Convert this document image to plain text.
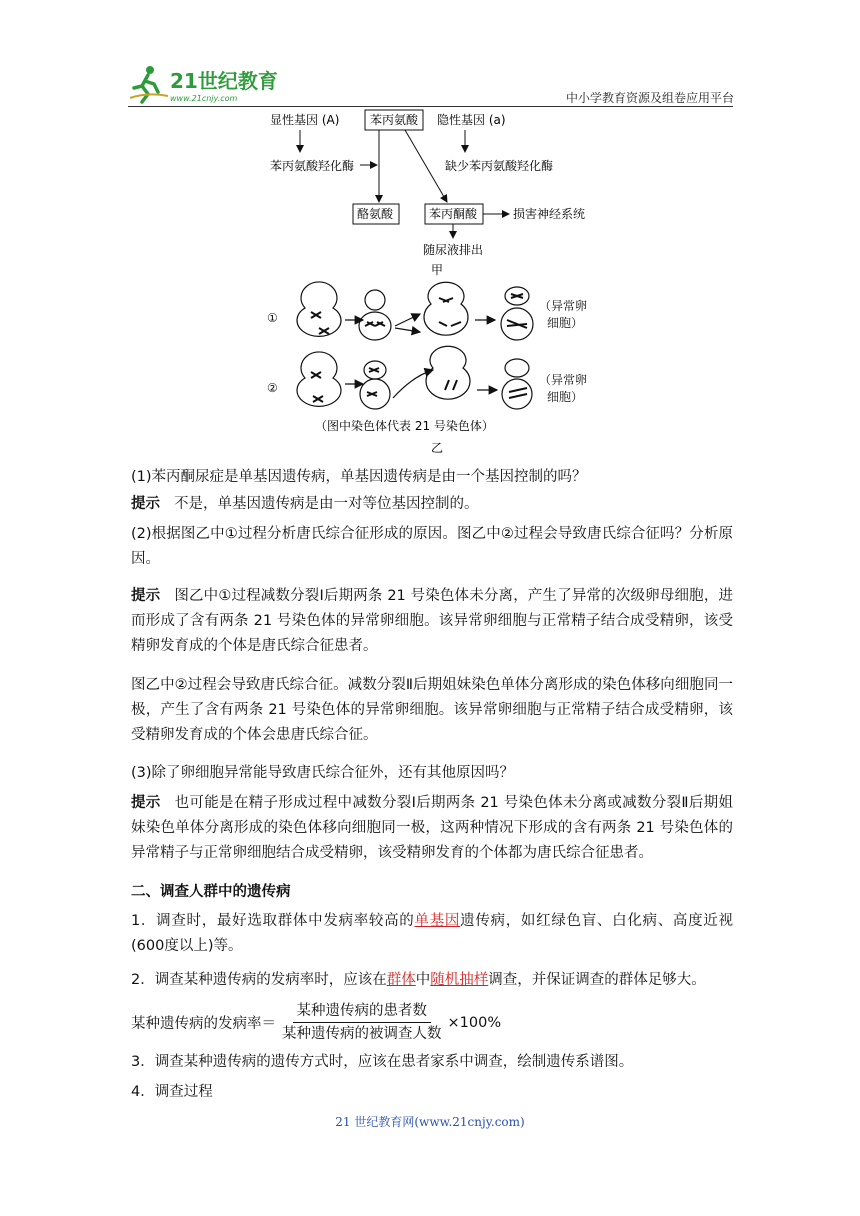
21世纪教育
www.21cnjy.com	中小学教育资源及组卷应用平台
显性基因 (A)	苯丙氨酸 隐性基因 (a)
苯丙氨酸羟化酶	缺少苯丙氨酸羟化酶
酪氨酸	苯丙酮酸	损害神经系统
随尿液排出
甲
①
（异常卵
细胞）
②
（异常卵
细胞）
（图中染色体代表 21 号染色体）
乙
(1)苯丙酮尿症是单基因遗传病，单基因遗传病是由一个基因控制的吗？
提示 不是，单基因遗传病是由一对等位基因控制的。
(2)根据图乙中①过程分析唐氏综合征形成的原因。图乙中②过程会导致唐氏综合征吗？分析原因。
提示 图乙中①过程减数分裂Ⅰ后期两条 21 号染色体未分离，产生了异常的次级卵母细胞，进而形成了含有两条 21 号染色体的异常卵细胞。该异常卵细胞与正常精子结合成受精卵，该受精卵发育成的个体是唐氏综合征患者。
图乙中②过程会导致唐氏综合征。减数分裂Ⅱ后期姐妹染色单体分离形成的染色体移向细胞同一极，产生了含有两条 21 号染色体的异常卵细胞。该异常卵细胞与正常精子结合成受精卵，该受精卵发育成的个体会患唐氏综合征。
(3)除了卵细胞异常能导致唐氏综合征外，还有其他原因吗？
提示 也可能是在精子形成过程中减数分裂Ⅰ后期两条 21 号染色体未分离或减数分裂Ⅱ后期姐妹染色单体分离形成的染色体移向细胞同一极，这两种情况下形成的含有两条 21 号染色体的异常精子与正常卵细胞结合成受精卵，该受精卵发育的个体都为唐氏综合征患者。
二、调查人群中的遗传病
1．调查时，最好选取群体中发病率较高的单基因遗传病，如红绿色盲、白化病、高度近视(600度以上)等。
2．调查某种遗传病的发病率时，应该在群体中随机抽样调查，并保证调查的群体足够大。
某种遗传病的发病率＝ $\frac{\text{某种遗传病的患者数}}{\text{某种遗传病的被调查人数}} \times 100\%$
3．调查某种遗传病的遗传方式时，应该在患者家系中调查，绘制遗传系谱图。
4．调查过程
21 世纪教育网(www.21cnjy.com)
